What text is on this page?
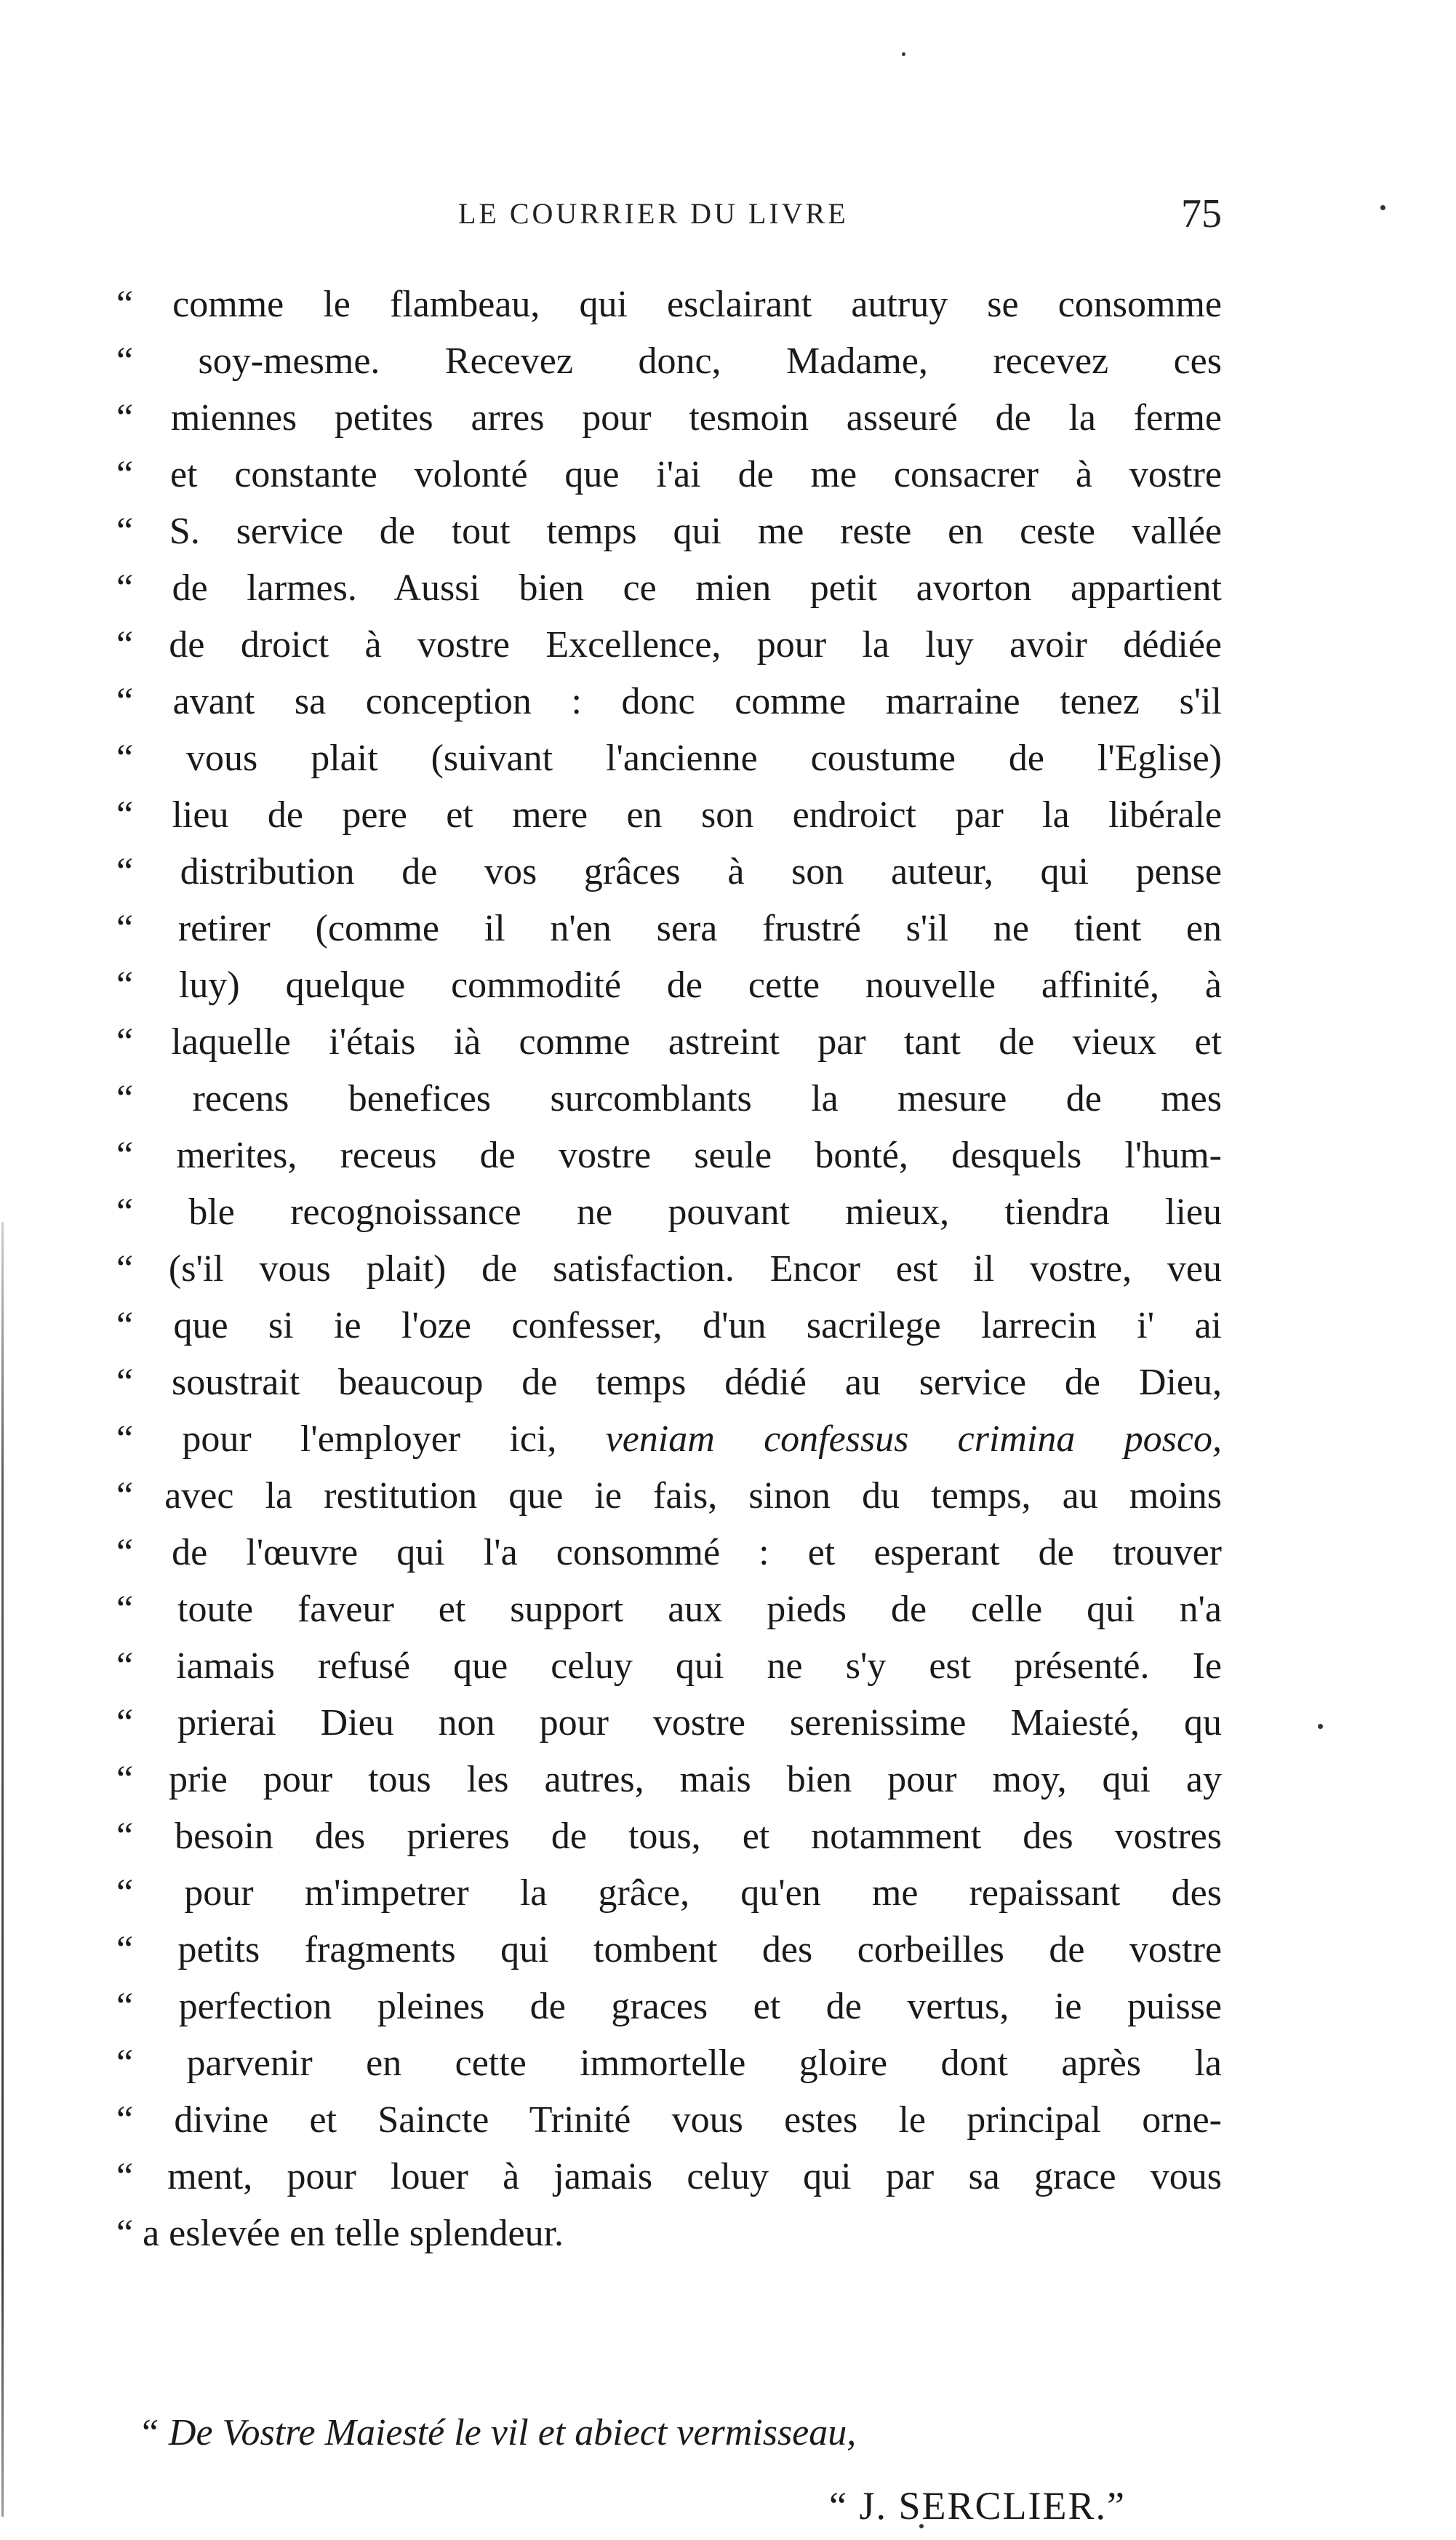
LE COURRIER DU LIVRE	75
“ comme le flambeau, qui esclairant autruy se consomme
“ soy-mesme. Recevez donc, Madame, recevez ces
“ miennes petites arres pour tesmoin asseuré de la ferme
“ et constante volonté que i'ai de me consacrer à vostre
“ S. service de tout temps qui me reste en ceste vallée
“ de larmes. Aussi bien ce mien petit avorton appartient
“ de droict à vostre Excellence, pour la luy avoir dédiée
“ avant sa conception : donc comme marraine tenez s'il
“ vous plait (suivant l'ancienne coustume de l'Eglise)
“ lieu de pere et mere en son endroict par la libérale
“ distribution de vos grâces à son auteur, qui pense
“ retirer (comme il n'en sera frustré s'il ne tient en
“ luy) quelque commodité de cette nouvelle affinité, à
“ laquelle i'étais ià comme astreint par tant de vieux et
“ recens benefices surcomblants la mesure de mes
“ merites, receus de vostre seule bonté, desquels l'hum-
“ ble recognoissance ne pouvant mieux, tiendra lieu
“ (s'il vous plait) de satisfaction. Encor est il vostre, veu
“ que si ie l'oze confesser, d'un sacrilege larrecin i' ai
“ soustrait beaucoup de temps dédié au service de Dieu,
“ pour l'employer ici, veniam confessus crimina posco,
“ avec la restitution que ie fais, sinon du temps, au moins
“ de l'œuvre qui l'a consommé : et esperant de trouver
“ toute faveur et support aux pieds de celle qui n'a
“ iamais refusé que celuy qui ne s'y est présenté. Ie
“ prierai Dieu non pour vostre serenissime Maiesté, qu
“ prie pour tous les autres, mais bien pour moy, qui ay
“ besoin des prieres de tous, et notamment des vostres
“ pour m'impetrer la grâce, qu'en me repaissant des
“ petits fragments qui tombent des corbeilles de vostre
“ perfection pleines de graces et de vertus, ie puisse
“ parvenir en cette immortelle gloire dont après la
“ divine et Saincte Trinité vous estes le principal orne-
“ ment, pour louer à jamais celuy qui par sa grace vous
“ a eslevée en telle splendeur.
“ De Vostre Maiesté le vil et abiect vermisseau,
“ J. SERCLIER.”
